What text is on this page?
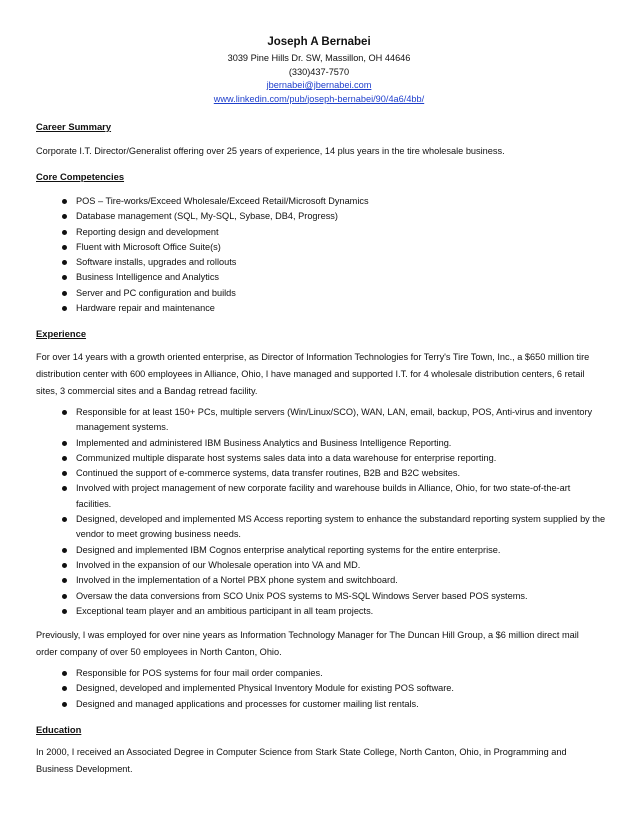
Joseph A Bernabei
3039 Pine Hills Dr. SW, Massillon, OH 44646
(330)437-7570
jbernabei@jbernabei.com
www.linkedin.com/pub/joseph-bernabei/90/4a6/4bb/
Career Summary
Corporate I.T. Director/Generalist offering over 25 years of experience, 14 plus years in the tire wholesale business.
Core Competencies
POS – Tire-works/Exceed Wholesale/Exceed Retail/Microsoft Dynamics
Database management (SQL, My-SQL, Sybase, DB4, Progress)
Reporting design and development
Fluent with Microsoft Office Suite(s)
Software installs, upgrades and rollouts
Business Intelligence and Analytics
Server and PC configuration and builds
Hardware repair and maintenance
Experience
For over 14 years with a growth oriented enterprise, as Director of Information Technologies for Terry's Tire Town, Inc., a $650 million tire distribution center with 600 employees in Alliance, Ohio, I have managed and supported I.T. for 4 wholesale distribution centers, 6 retail sites, 3 commercial sites and a Bandag retread facility.
Responsible for at least 150+ PCs, multiple servers (Win/Linux/SCO), WAN, LAN, email, backup, POS, Anti-virus and inventory management systems.
Implemented and administered IBM Business Analytics and Business Intelligence Reporting.
Communized multiple disparate host systems sales data into a data warehouse for enterprise reporting.
Continued the support of e-commerce systems, data transfer routines, B2B and B2C websites.
Involved with project management of new corporate facility and warehouse builds in Alliance, Ohio, for two state-of-the-art facilities.
Designed, developed and implemented MS Access reporting system to enhance the substandard reporting system supplied by the vendor to meet growing business needs.
Designed and implemented IBM Cognos enterprise analytical reporting systems for the entire enterprise.
Involved in the expansion of our Wholesale operation into VA and MD.
Involved in the implementation of a Nortel PBX phone system and switchboard.
Oversaw the data conversions from SCO Unix POS systems to MS-SQL Windows Server based POS systems.
Exceptional team player and an ambitious participant in all team projects.
Previously, I was employed for over nine years as Information Technology Manager for The Duncan Hill Group, a $6 million direct mail order company of over 50 employees in North Canton, Ohio.
Responsible for POS systems for four mail order companies.
Designed, developed and implemented Physical Inventory Module for existing POS software.
Designed and managed applications and processes for customer mailing list rentals.
Education
In 2000, I received an Associated Degree in Computer Science from Stark State College, North Canton, Ohio, in Programming and Business Development.
